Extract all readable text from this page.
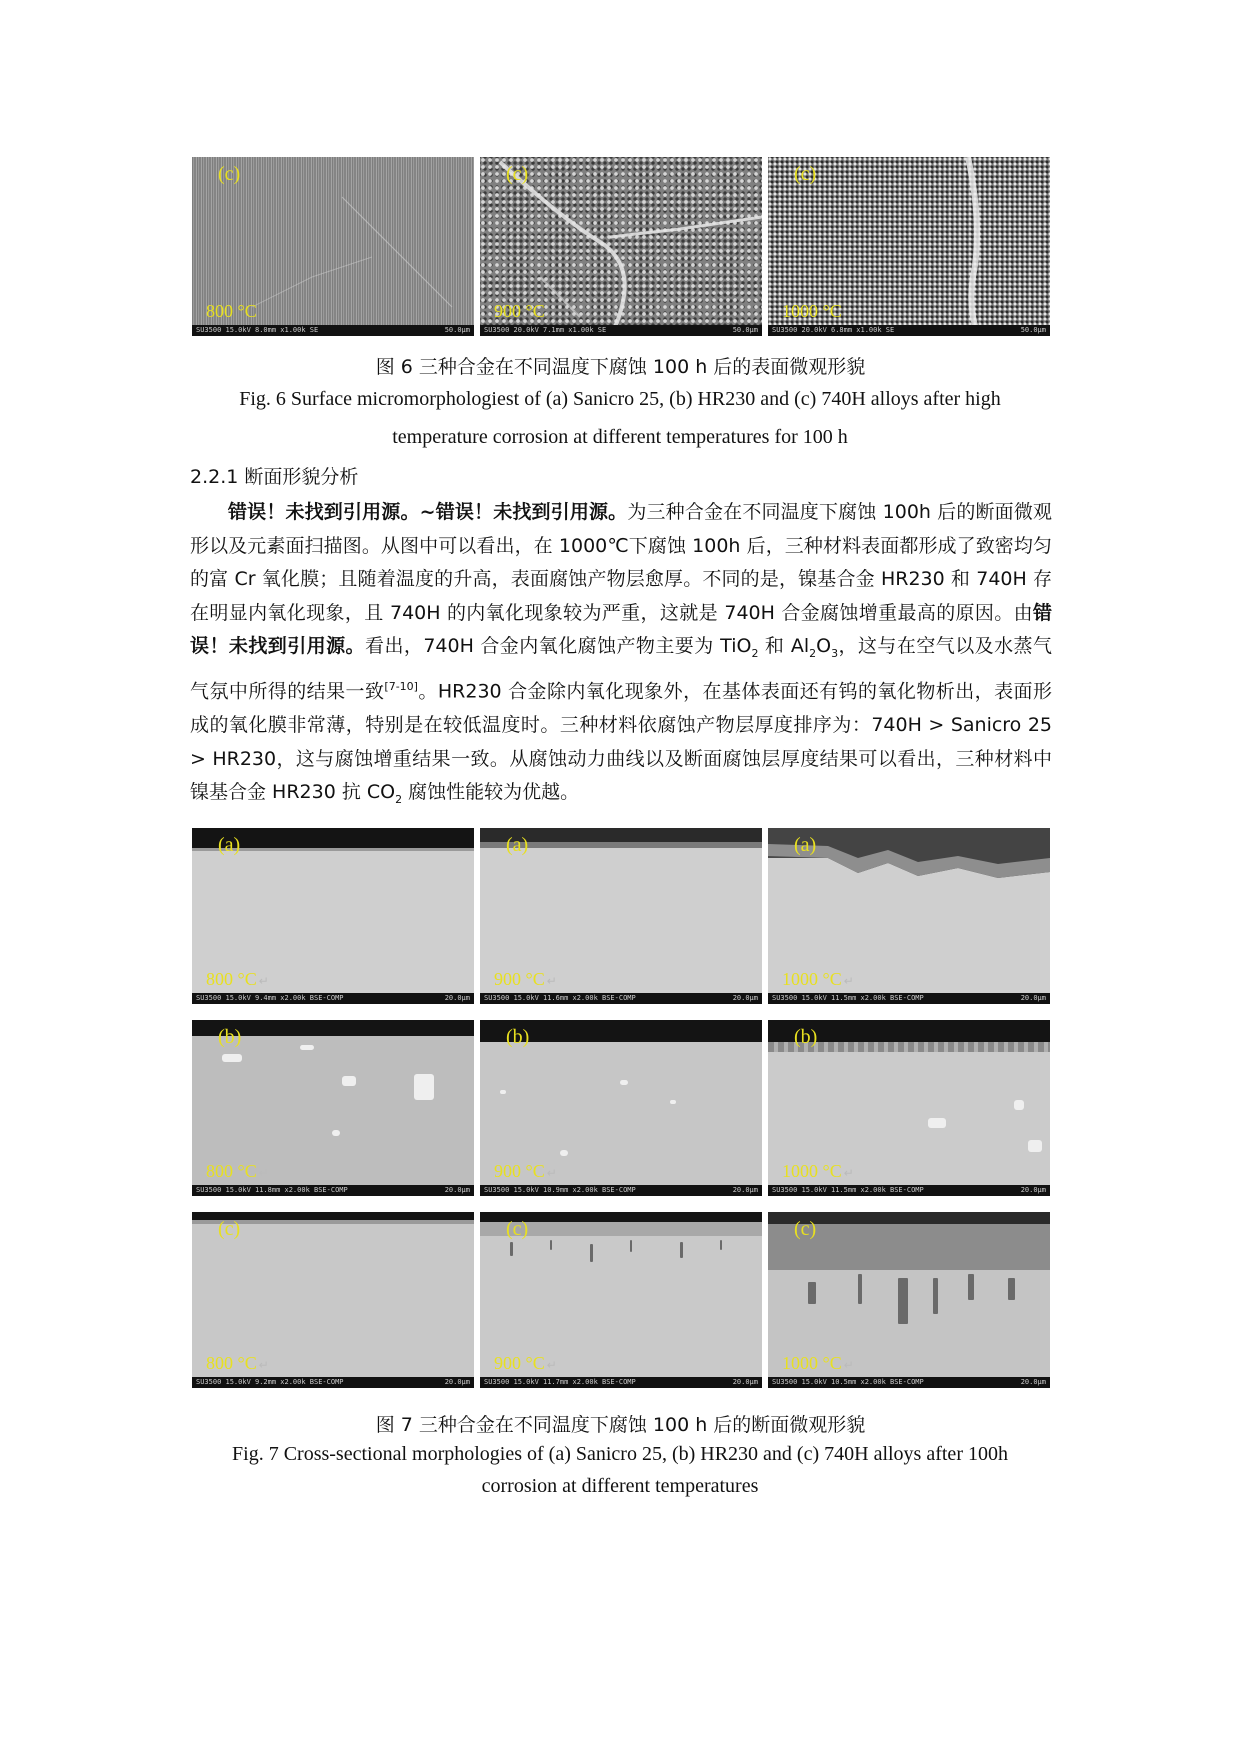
(c)
800 °C
SU3500 15.0kV 8.0mm x1.00k SE	50.0μm
(c)
900 °C
SU3500 20.0kV 7.1mm x1.00k SE	50.0μm
(c)
1000 °C
SU3500 20.0kV 6.8mm x1.00k SE	50.0μm
图 6 三种合金在不同温度下腐蚀 100 h 后的表面微观形貌
Fig. 6 Surface micromorphologiest of (a) Sanicro 25, (b) HR230 and (c) 740H alloys after high
temperature corrosion at different temperatures for 100 h
2.2.1 断面形貌分析
错误！未找到引用源。~错误！未找到引用源。为三种合金在不同温度下腐蚀 100h 后的断面微观形以及元素面扫描图。从图中可以看出，在 1000℃下腐蚀 100h 后，三种材料表面都形成了致密均匀的富 Cr 氧化膜；且随着温度的升高，表面腐蚀产物层愈厚。不同的是，镍基合金 HR230 和 740H 存在明显内氧化现象，且 740H 的内氧化现象较为严重，这就是 740H 合金腐蚀增重最高的原因。由错误！未找到引用源。看出，740H 合金内氧化腐蚀产物主要为 TiO$_2$ 和 $Al_2O_3$，这与在空气以及水蒸气气氛中所得的结果一致[7-10]。HR230 合金除内氧化现象外，在基体表面还有钨的氧化物析出，表面形成的氧化膜非常薄，特别是在较低温度时。三种材料依腐蚀产物层厚度排序为：740H > Sanicro 25 > HR230，这与腐蚀增重结果一致。从腐蚀动力曲线以及断面腐蚀层厚度结果可以看出，三种材料中镍基合金 HR230 抗 $CO_2$ 腐蚀性能较为优越。
(a)
800 °C ↵
SU3500 15.0kV 9.4mm x2.00k BSE-COMP	20.0μm
(a)
900 °C ↵
SU3500 15.0kV 11.6mm x2.00k BSE-COMP	20.0μm
(a)
1000 °C ↵
SU3500 15.0kV 11.5mm x2.00k BSE-COMP	20.0μm
(b)
800 °C ↵
SU3500 15.0kV 11.8mm x2.00k BSE-COMP	20.0μm
(b)
900 °C ↵
SU3500 15.0kV 10.9mm x2.00k BSE-COMP	20.0μm
(b)
1000 °C ↵
SU3500 15.0kV 11.5mm x2.00k BSE-COMP	20.0μm
(c)
800 °C ↵
SU3500 15.0kV 9.2mm x2.00k BSE-COMP	20.0μm
(c)
900 °C ↵
SU3500 15.0kV 11.7mm x2.00k BSE-COMP	20.0μm
(c)
1000 °C ↵
SU3500 15.0kV 10.5mm x2.00k BSE-COMP	20.0μm
图 7 三种合金在不同温度下腐蚀 100 h 后的断面微观形貌
Fig. 7 Cross-sectional morphologies of (a) Sanicro 25, (b) HR230 and (c) 740H alloys after 100h
corrosion at different temperatures
